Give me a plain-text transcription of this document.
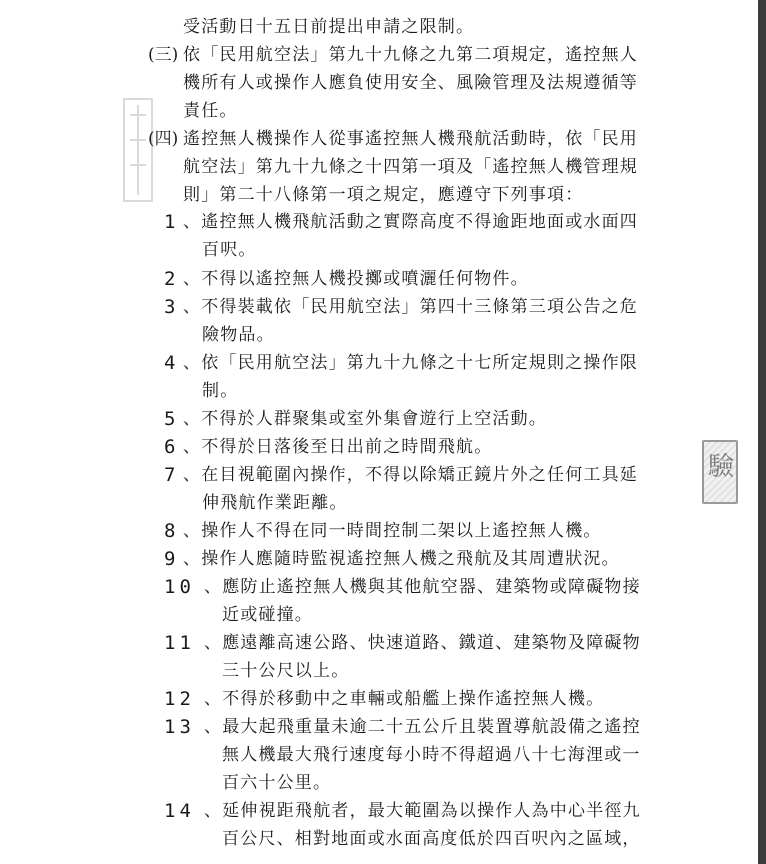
受活動日十五日前提出申請之限制。
(三) 依「民用航空法」第九十九條之九第二項規定，遙控無人
機所有人或操作人應負使用安全、風險管理及法規遵循等
責任。
(四) 遙控無人機操作人從事遙控無人機飛航活動時，依「民用
航空法」第九十九條之十四第一項及「遙控無人機管理規
則」第二十八條第一項之規定，應遵守下列事項：
1 、遙控無人機飛航活動之實際高度不得逾距地面或水面四
百呎。
2 、不得以遙控無人機投擲或噴灑任何物件。
3 、不得裝載依「民用航空法」第四十三條第三項公告之危
險物品。
4 、依「民用航空法」第九十九條之十七所定規則之操作限
制。
5 、不得於人群聚集或室外集會遊行上空活動。
6 、不得於日落後至日出前之時間飛航。
7 、在目視範圍內操作，不得以除矯正鏡片外之任何工具延
伸飛航作業距離。
8 、操作人不得在同一時間控制二架以上遙控無人機。
9 、操作人應隨時監視遙控無人機之飛航及其周遭狀況。
10 、應防止遙控無人機與其他航空器、建築物或障礙物接
近或碰撞。
11 、應遠離高速公路、快速道路、鐵道、建築物及障礙物
三十公尺以上。
12 、不得於移動中之車輛或船艦上操作遙控無人機。
13 、最大起飛重量未逾二十五公斤且裝置導航設備之遙控
無人機最大飛行速度每小時不得超過八十七海浬或一
百六十公里。
14 、延伸視距飛航者，最大範圍為以操作人為中心半徑九
百公尺、相對地面或水面高度低於四百呎內之區域，
驗
